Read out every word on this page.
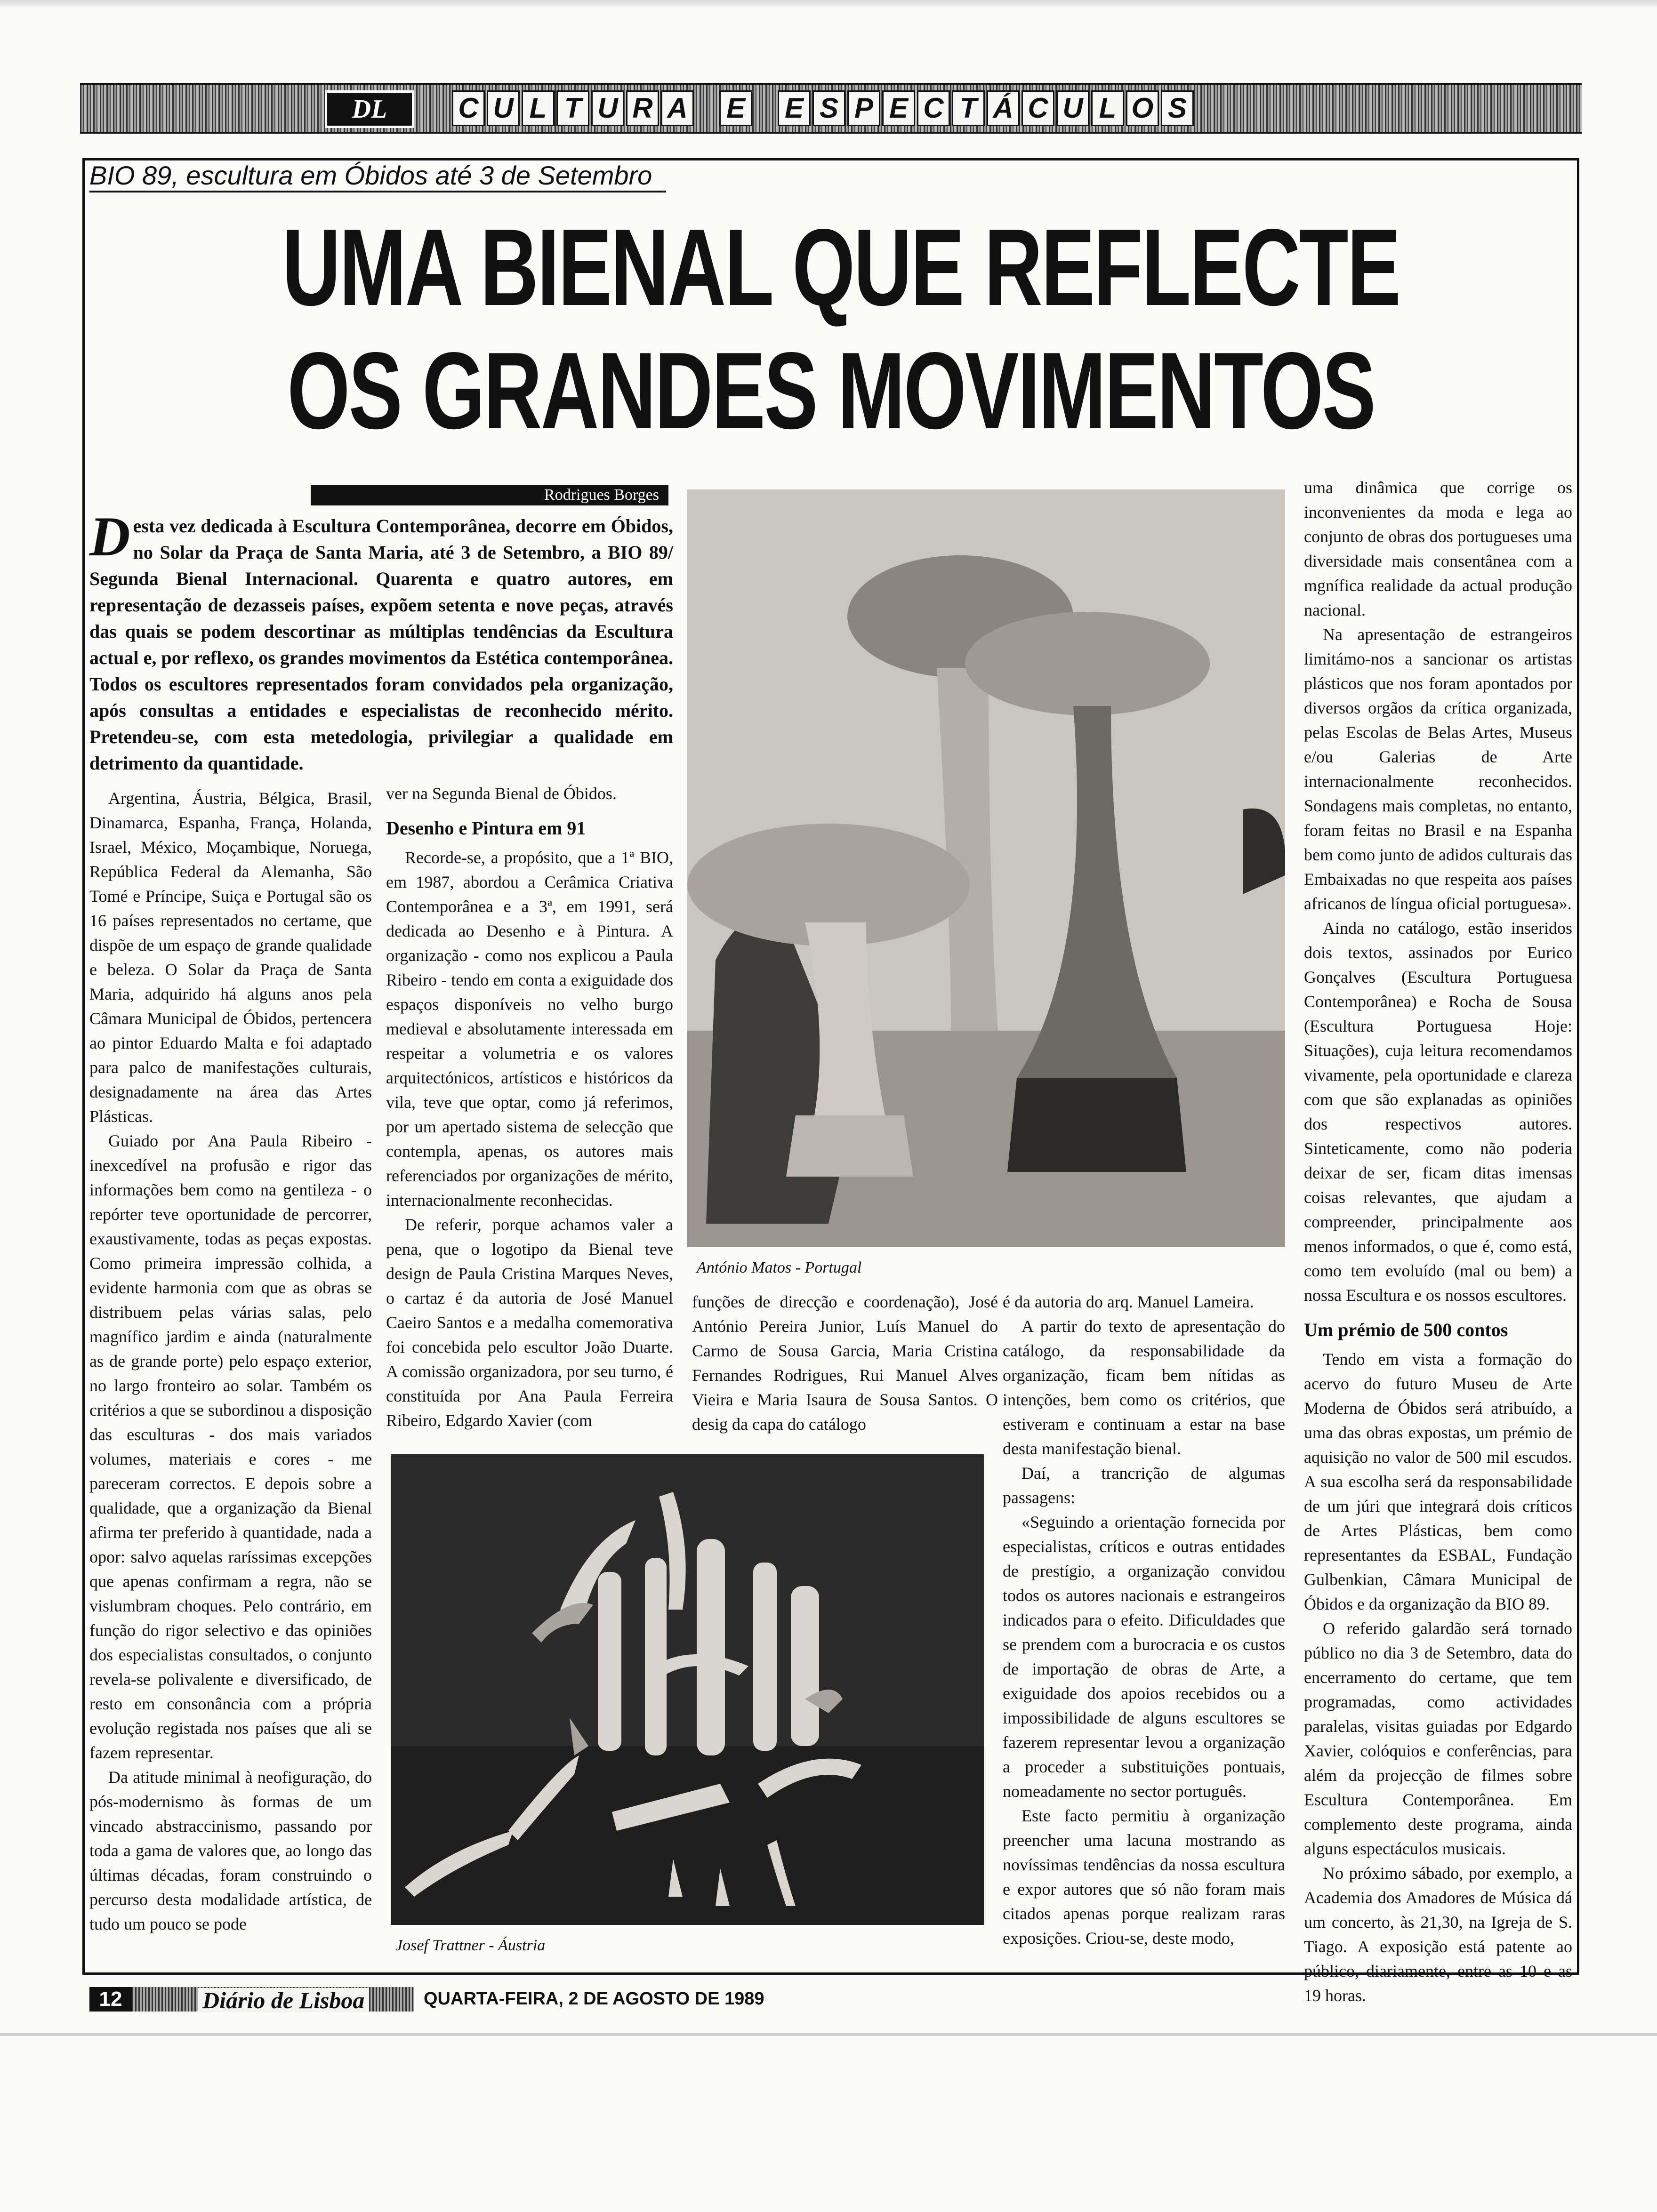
DL	C U L T U R A
E
E S P E C T Á C U L O S
BIO 89, escultura em Óbidos até 3 de Setembro
UMA BIENAL QUE REFLECTE
OS GRANDES MOVIMENTOS
Rodrigues Borges
Desta vez dedicada à Escultura Contemporânea, decorre em Óbidos, no Solar da Praça de Santa Maria, até 3 de Setembro, a BIO 89/ Segunda Bienal Internacional. Quarenta e quatro autores, em representação de dezasseis países, expõem setenta e nove peças, através das quais se podem descortinar as múltiplas tendências da Escultura actual e, por reflexo, os grandes movimentos da Estética contemporânea. Todos os escultores representados foram convidados pela organização, após consultas a entidades e especialistas de reconhecido mérito. Pretendeu-se, com esta metedologia, privilegiar a qualidade em detrimento da quantidade.

Argentina, Áustria, Bélgica, Brasil, Dinamarca, Espanha, França, Holanda, Israel, México, Moçambique, Noruega, República Federal da Alemanha, São Tomé e Príncipe, Suiça e Portugal são os 16 países representados no certame, que dispõe de um espaço de grande qualidade e beleza. O Solar da Praça de Santa Maria, adquirido há alguns anos pela Câmara Municipal de Óbidos, pertencera ao pintor Eduardo Malta e foi adaptado para palco de manifestações culturais, designadamente na área das Artes Plásticas.

Guiado por Ana Paula Ribeiro - inexcedível na profusão e rigor das informações bem como na gentileza - o repórter teve oportunidade de percorrer, exaustivamente, todas as peças expostas. Como primeira impressão colhida, a evidente harmonia com que as obras se distribuem pelas várias salas, pelo magnífico jardim e ainda (naturalmente as de grande porte) pelo espaço exterior, no largo fronteiro ao solar. Também os critérios a que se subordinou a disposição das esculturas - dos mais variados volumes, materiais e cores - me pareceram correctos. E depois sobre a qualidade, que a organização da Bienal afirma ter preferido à quantidade, nada a opor: salvo aquelas raríssimas excepções que apenas confirmam a regra, não se vislumbram choques. Pelo contrário, em função do rigor selectivo e das opiniões dos especialistas consultados, o conjunto revela-se polivalente e diversificado, de resto em consonância com a própria evolução registada nos países que ali se fazem representar.

Da atitude minimal à neofiguração, do pós-modernismo às formas de um vincado abstraccinismo, passando por toda a gama de valores que, ao longo das últimas décadas, foram construindo o percurso desta modalidade artística, de tudo um pouco se pode

ver na Segunda Bienal de Óbidos.

Desenho e Pintura em 91

Recorde-se, a propósito, que a 1ª BIO, em 1987, abordou a Cerâmica Criativa Contemporânea e a 3ª, em 1991, será dedicada ao Desenho e à Pintura. A organização - como nos explicou a Paula Ribeiro - tendo em conta a exiguidade dos espaços disponíveis no velho burgo medieval e absolutamente interessada em respeitar a volumetria e os valores arquitectónicos, artísticos e históricos da vila, teve que optar, como já referimos, por um apertado sistema de selecção que contempla, apenas, os autores mais referenciados por organizações de mérito, internacionalmente reconhecidas.

De referir, porque achamos valer a pena, que o logotipo da Bienal teve design de Paula Cristina Marques Neves, o cartaz é da autoria de José Manuel Caeiro Santos e a medalha comemorativa foi concebida pelo escultor João Duarte. A comissão organizadora, por seu turno, é constituída por Ana Paula Ferreira Ribeiro, Edgardo Xavier (com

António Matos - Portugal

funções de direcção e coordenação), José António Pereira Junior, Luís Manuel do Carmo de Sousa Garcia, Maria Cristina Fernandes Rodrigues, Rui Manuel Alves Vieira e Maria Isaura de Sousa Santos. O desig da capa do catálogo

é da autoria do arq. Manuel Lameira.

A partir do texto de apresentação do catálogo, da responsabilidade da organização, ficam bem nítidas as intenções, bem como os critérios, que estiveram e continuam a estar na base desta manifestação bienal.

Daí, a trancrição de algumas passagens:

«Seguindo a orientação fornecida por especialistas, críticos e outras entidades de prestígio, a organização convidou todos os autores nacionais e estrangeiros indicados para o efeito. Dificuldades que se prendem com a burocracia e os custos de importação de obras de Arte, a exiguidade dos apoios recebidos ou a impossibilidade de alguns escultores se fazerem representar levou a organização a proceder a substituições pontuais, nomeadamente no sector português.

Este facto permitiu à organização preencher uma lacuna mostrando as novíssimas tendências da nossa escultura e expor autores que só não foram mais citados apenas porque realizam raras exposições. Criou-se, deste modo,

uma dinâmica que corrige os inconvenientes da moda e lega ao conjunto de obras dos portugueses uma diversidade mais consentânea com a mgnífica realidade da actual produção nacional.

Na apresentação de estrangeiros limitámo-nos a sancionar os artistas plásticos que nos foram apontados por diversos orgãos da crítica organizada, pelas Escolas de Belas Artes, Museus e/ou Galerias de Arte internacionalmente reconhecidos. Sondagens mais completas, no entanto, foram feitas no Brasil e na Espanha bem como junto de adidos culturais das Embaixadas no que respeita aos países africanos de língua oficial portuguesa».

Ainda no catálogo, estão inseridos dois textos, assinados por Eurico Gonçalves (Escultura Portuguesa Contemporânea) e Rocha de Sousa (Escultura Portuguesa Hoje: Situações), cuja leitura recomendamos vivamente, pela oportunidade e clareza com que são explanadas as opiniões dos respectivos autores. Sinteticamente, como não poderia deixar de ser, ficam ditas imensas coisas relevantes, que ajudam a compreender, principalmente aos menos informados, o que é, como está, como tem evoluído (mal ou bem) a nossa Escultura e os nossos escultores.

Um prémio de 500 contos

Tendo em vista a formação do acervo do futuro Museu de Arte Moderna de Óbidos será atribuído, a uma das obras expostas, um prémio de aquisição no valor de 500 mil escudos. A sua escolha será da responsabilidade de um júri que integrará dois críticos de Artes Plásticas, bem como representantes da ESBAL, Fundação Gulbenkian, Câmara Municipal de Óbidos e da organização da BIO 89.

O referido galardão será tornado público no dia 3 de Setembro, data do encerramento do certame, que tem programadas, como actividades paralelas, visitas guiadas por Edgardo Xavier, colóquios e conferências, para além da projecção de filmes sobre Escultura Contemporânea. Em complemento deste programa, ainda alguns espectáculos musicais.

No próximo sábado, por exemplo, a Academia dos Amadores de Música dá um concerto, às 21,30, na Igreja de S. Tiago. A exposição está patente ao público, diariamente, entre as 10 e as 19 horas.

Josef Trattner - Áustria
12	Diário de Lisboa	QUARTA-FEIRA, 2 DE AGOSTO DE 1989
